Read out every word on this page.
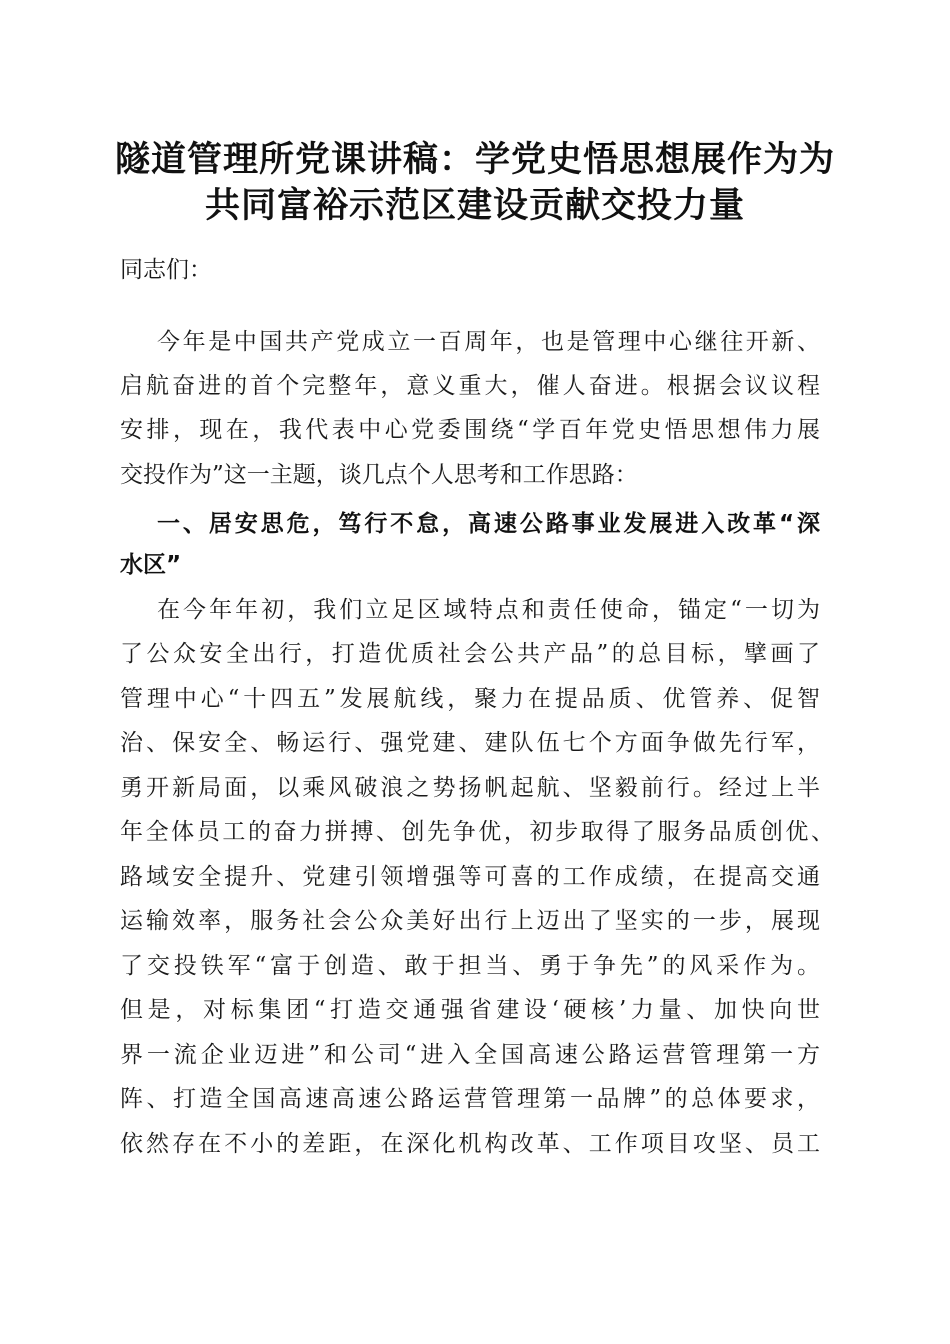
隧道管理所党课讲稿：学党史悟思想展作为为
共同富裕示范区建设贡献交投力量

同志们：

今年是中国共产党成立一百周年，也是管理中心继往开新、

启航奋进的首个完整年，意义重大，催人奋进。根据会议议程

安排，现在，我代表中心党委围绕“学百年党史悟思想伟力展

交投作为”这一主题，谈几点个人思考和工作思路：

一、居安思危，笃行不怠，高速公路事业发展进入改革“深

水区”

在今年年初，我们立足区域特点和责任使命，锚定“一切为

了公众安全出行，打造优质社会公共产品”的总目标，擘画了

管理中心“十四五”发展航线，聚力在提品质、优管养、促智

治、保安全、畅运行、强党建、建队伍七个方面争做先行军，

勇开新局面，以乘风破浪之势扬帆起航、坚毅前行。经过上半

年全体员工的奋力拼搏、创先争优，初步取得了服务品质创优、

路域安全提升、党建引领增强等可喜的工作成绩，在提高交通

运输效率，服务社会公众美好出行上迈出了坚实的一步，展现

了交投铁军“富于创造、敢于担当、勇于争先”的风采作为。

但是，对标集团“打造交通强省建设‘硬核’力量、加快向世

界一流企业迈进”和公司“进入全国高速公路运营管理第一方

阵、打造全国高速高速公路运营管理第一品牌”的总体要求，

依然存在不小的差距，在深化机构改革、工作项目攻坚、员工
